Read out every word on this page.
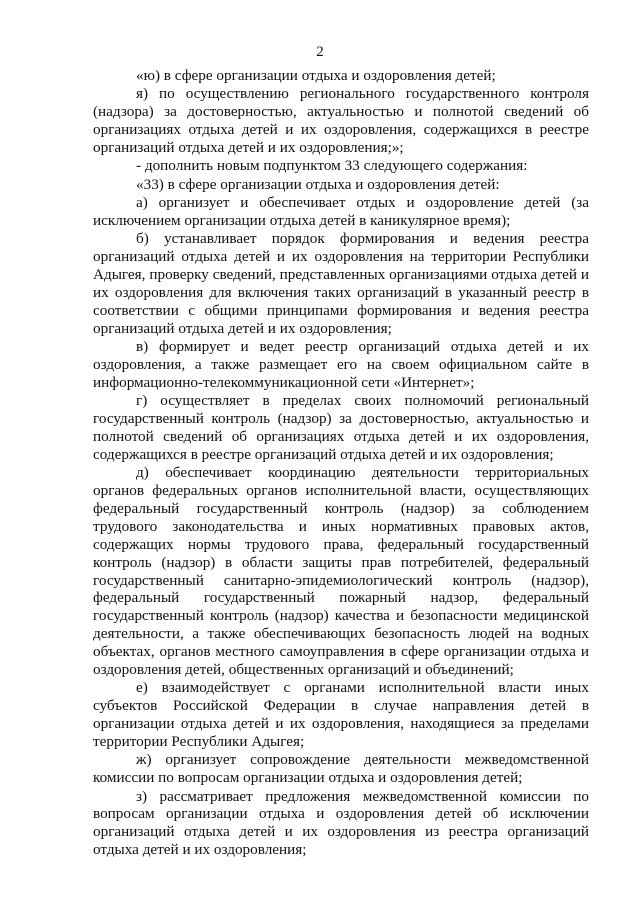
2

«ю) в сфере организации отдыха и оздоровления детей;

я) по осуществлению регионального государственного контроля (надзора) за достоверностью, актуальностью и полнотой сведений об организациях отдыха детей и их оздоровления, содержащихся в реестре организаций отдыха детей и их оздоровления;»;

- дополнить новым подпунктом 33 следующего содержания:

«33) в сфере организации отдыха и оздоровления детей:

а) организует и обеспечивает отдых и оздоровление детей (за исключением организации отдыха детей в каникулярное время);

б) устанавливает порядок формирования и ведения реестра организаций отдыха детей и их оздоровления на территории Республики Адыгея, проверку сведений, представленных организациями отдыха детей и их оздоровления для включения таких организаций в указанный реестр в соответствии с общими принципами формирования и ведения реестра организаций отдыха детей и их оздоровления;

в) формирует и ведет реестр организаций отдыха детей и их оздоровления, а также размещает его на своем официальном сайте в информационно-телекоммуникационной сети «Интернет»;

г) осуществляет в пределах своих полномочий региональный государственный контроль (надзор) за достоверностью, актуальностью и полнотой сведений об организациях отдыха детей и их оздоровления, содержащихся в реестре организаций отдыха детей и их оздоровления;

д) обеспечивает координацию деятельности территориальных органов федеральных органов исполнительной власти, осуществляющих федеральный государственный контроль (надзор) за соблюдением трудового законодательства и иных нормативных правовых актов, содержащих нормы трудового права, федеральный государственный контроль (надзор) в области защиты прав потребителей, федеральный государственный санитарно-эпидемиологический контроль (надзор), федеральный государственный пожарный надзор, федеральный государственный контроль (надзор) качества и безопасности медицинской деятельности, а также обеспечивающих безопасность людей на водных объектах, органов местного самоуправления в сфере организации отдыха и оздоровления детей, общественных организаций и объединений;

е) взаимодействует с органами исполнительной власти иных субъектов Российской Федерации в случае направления детей в организации отдыха детей и их оздоровления, находящиеся за пределами территории Республики Адыгея;

ж) организует сопровождение деятельности межведомственной комиссии по вопросам организации отдыха и оздоровления детей;

з) рассматривает предложения межведомственной комиссии по вопросам организации отдыха и оздоровления детей об исключении организаций отдыха детей и их оздоровления из реестра организаций отдыха детей и их оздоровления;
